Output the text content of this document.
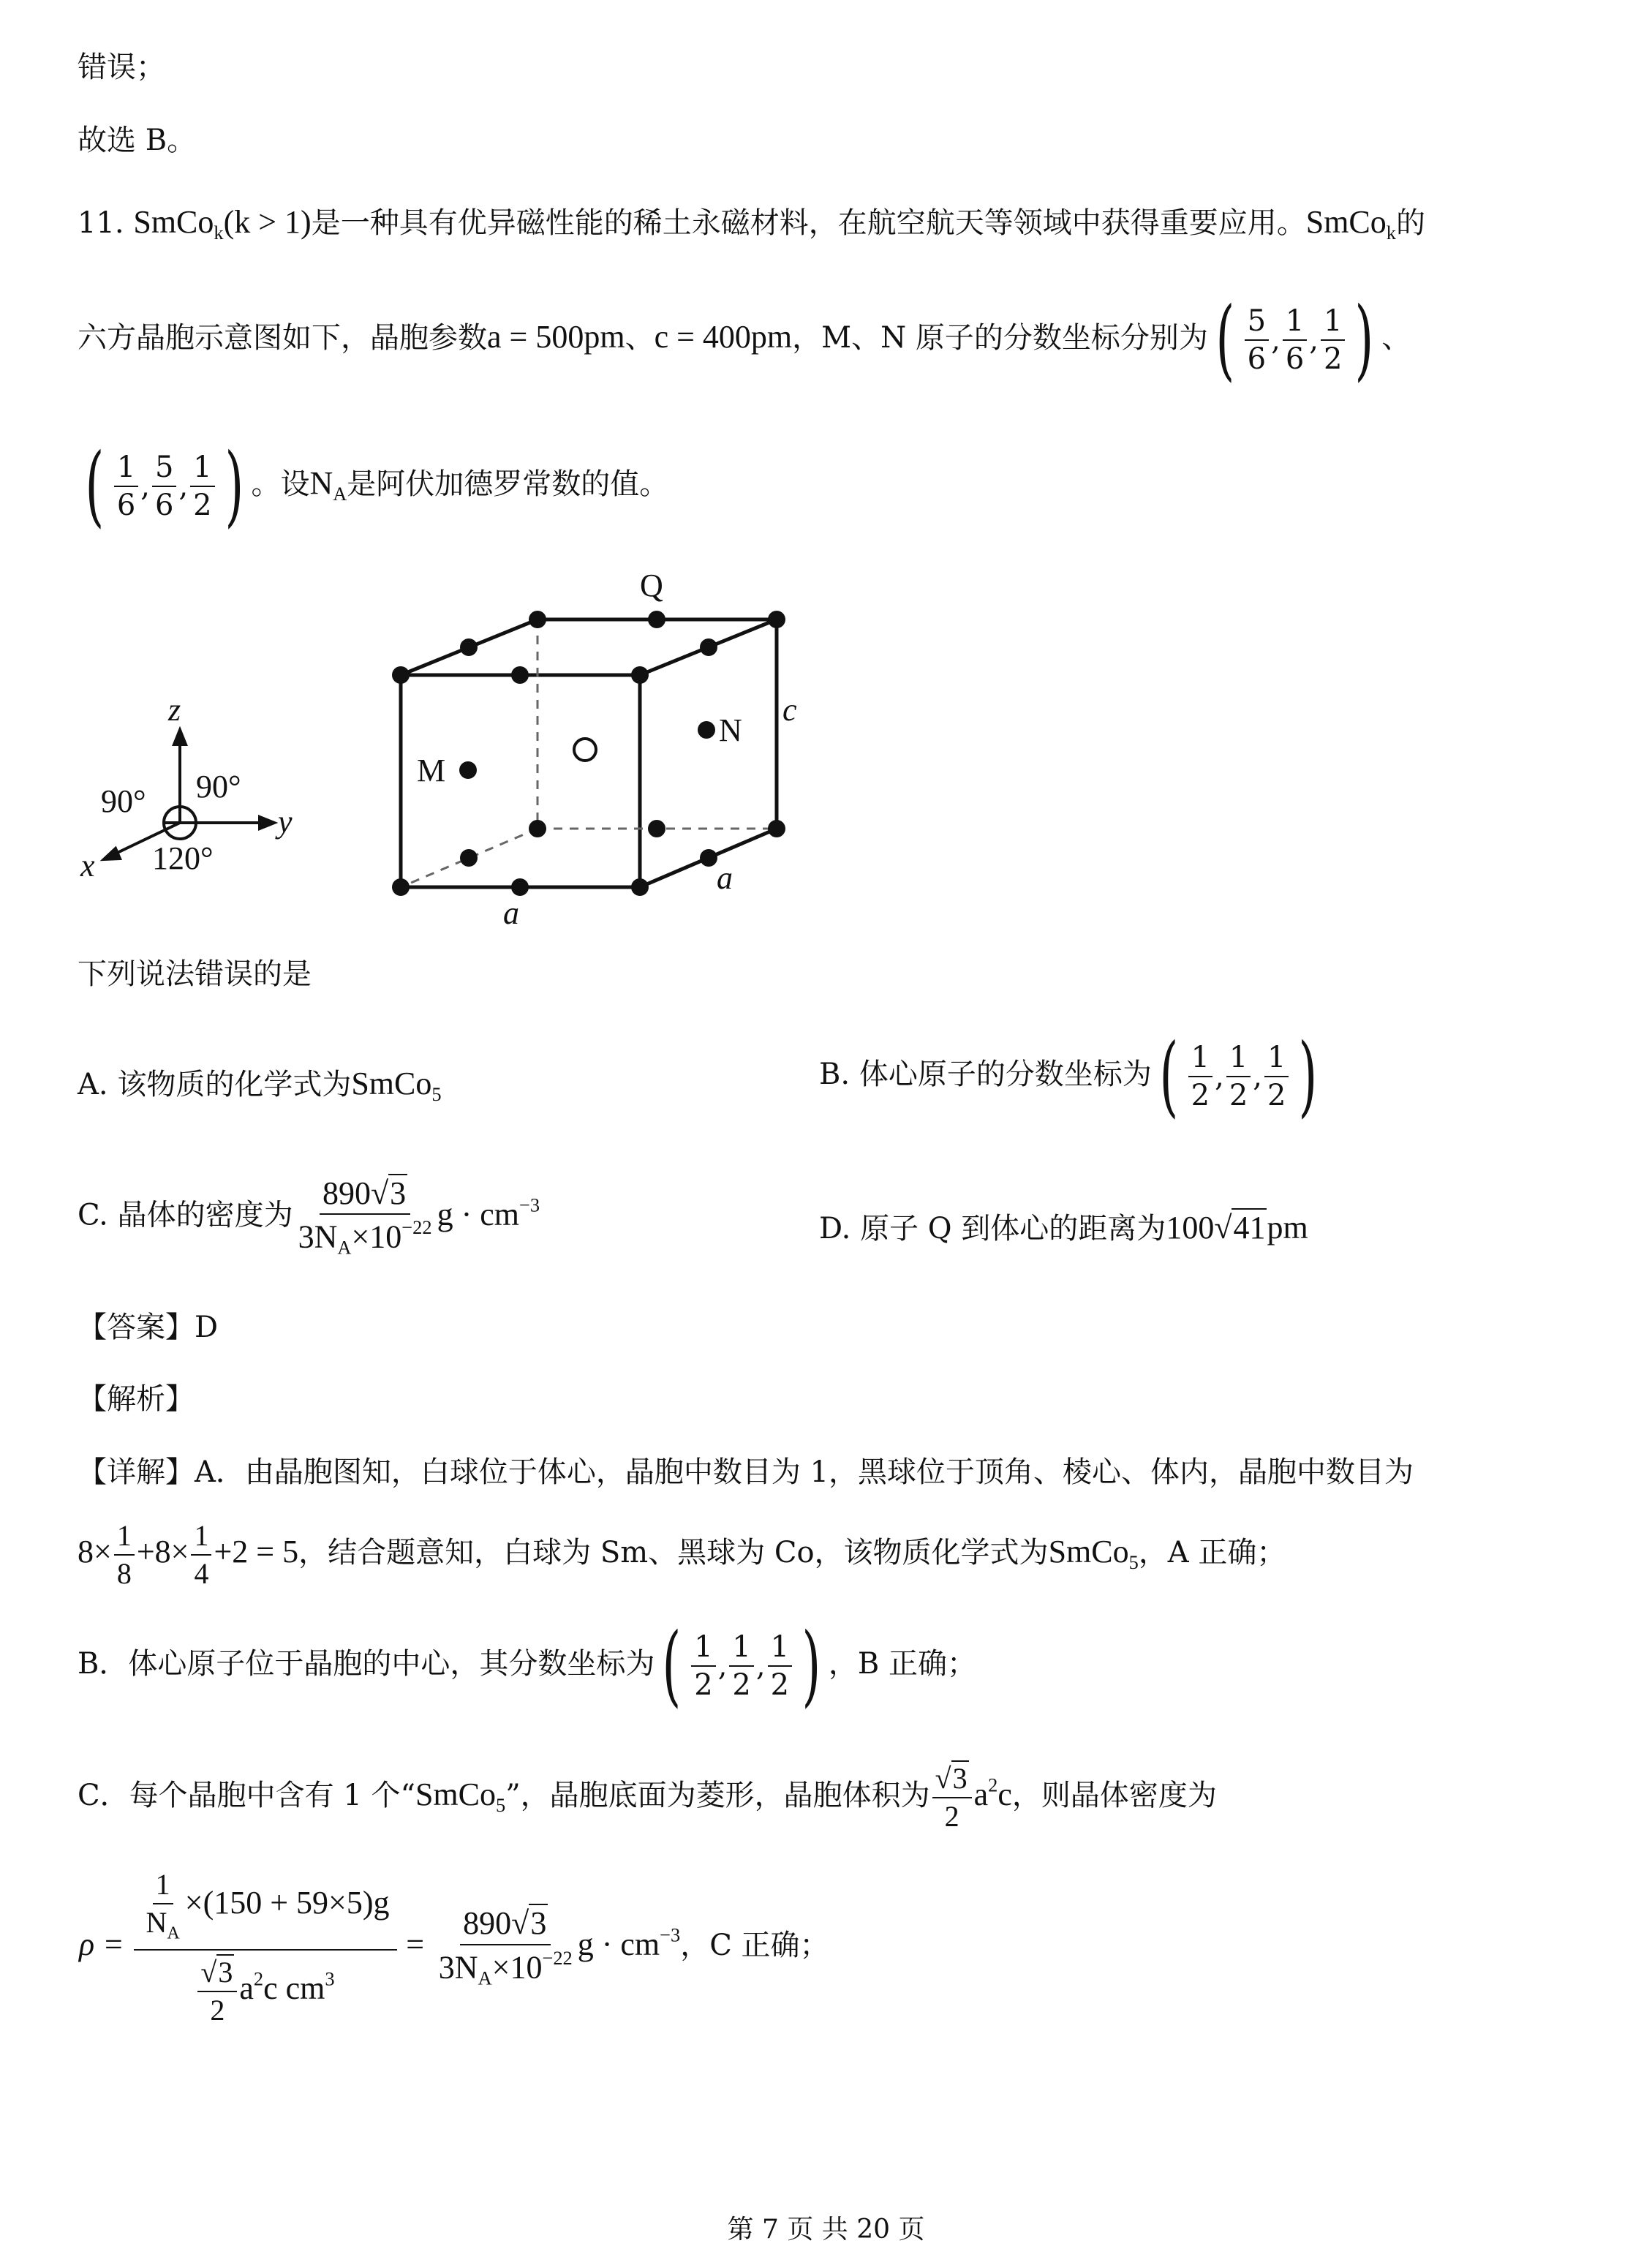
错误；
故选 B。
11. SmCo$_k$(k > 1)是一种具有优异磁性能的稀土永磁材料，在航空航天等领域中获得重要应用。SmCo$_k$的
六方晶胞示意图如下，晶胞参数a = 500pm、c = 400pm，M、N 原子的分数坐标分别为 ( $\frac{5}{6}$ , $\frac{1}{6}$ , $\frac{1}{2}$ ) 、
( $\frac{1}{6}$ , $\frac{5}{6}$ , $\frac{1}{2}$ ) 。设$N_A$是阿伏加德罗常数的值。
Q
M
N
c
a
a
z
y
x
90° 90°
120°
下列说法错误的是
A. 该物质的化学式为SmCo$_5$
B. 体心原子的分数坐标为 ( $\frac{1}{2}$ , $\frac{1}{2}$ , $\frac{1}{2}$ )
C. 晶体的密度为 $\frac{890√3}{3N_A\times 10^{-22}}$ $g \cdot cm^{-3}$
D. 原子 Q 到体心的距离为100√41pm
【答案】D
【解析】
【详解】A．由晶胞图知，白球位于体心，晶胞中数目为 1，黑球位于顶角、棱心、体内，晶胞中数目为
$8\times \frac{1}{8} +8\times \frac{1}{4} +2 = 5$，结合题意知，白球为 Sm、黑球为 Co，该物质化学式为SmCo$_5$，A 正确；
B．体心原子位于晶胞的中心，其分数坐标为 ( $\frac{1}{2}$ , $\frac{1}{2}$ , $\frac{1}{2}$ ) ，B 正确；
C．每个晶胞中含有 1 个“SmCo$_5$”，晶胞底面为菱形，晶胞体积为 $\frac{√3}{2} a^2c$，则晶体密度为
$\rho = \frac{\frac{1}{N_A} \times(150 + 59\times 5)g}{\frac{√3}{2} a^2c cm^3} = \frac{890√3}{3N_A\times 10^{-22}}$ $g \cdot cm^{-3}$，C 正确；
第 7 页 共 20 页
